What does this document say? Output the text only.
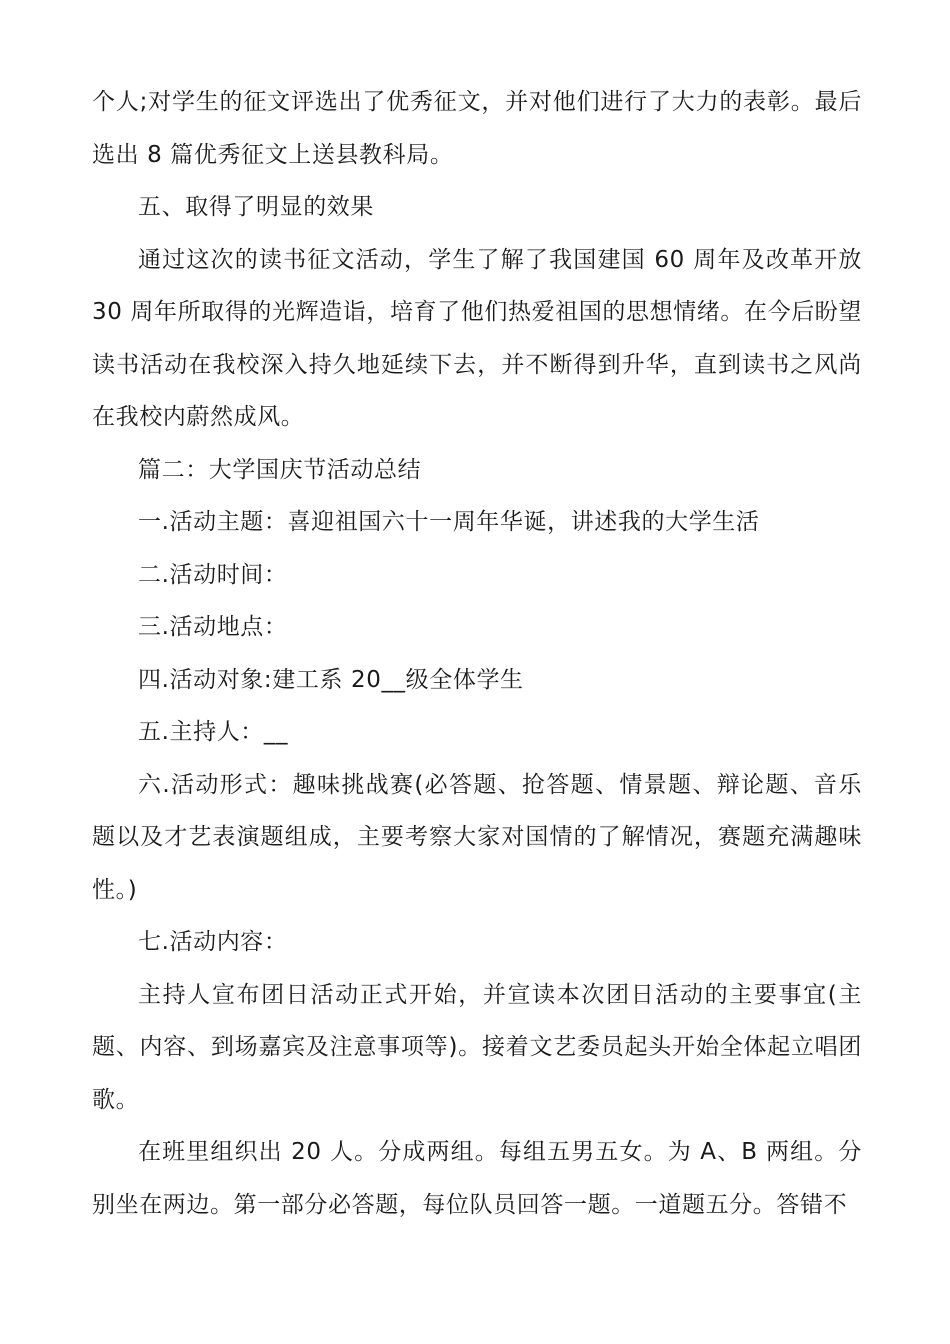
个人;对学生的征文评选出了优秀征文，并对他们进行了大力的表彰。最后选出 8 篇优秀征文上送县教科局。

五、取得了明显的效果

通过这次的读书征文活动，学生了解了我国建国 60 周年及改革开放 30 周年所取得的光辉造诣，培育了他们热爱祖国的思想情绪。在今后盼望读书活动在我校深入持久地延续下去，并不断得到升华，直到读书之风尚在我校内蔚然成风。

篇二：大学国庆节活动总结

一.活动主题：喜迎祖国六十一周年华诞，讲述我的大学生活

二.活动时间：

三.活动地点：

四.活动对象:建工系 20__级全体学生

五.主持人：__

六.活动形式：趣味挑战赛(必答题、抢答题、情景题、辩论题、音乐题以及才艺表演题组成，主要考察大家对国情的了解情况，赛题充满趣味性。)

七.活动内容：

主持人宣布团日活动正式开始，并宣读本次团日活动的主要事宜(主题、内容、到场嘉宾及注意事项等)。接着文艺委员起头开始全体起立唱团歌。

在班里组织出 20 人。分成两组。每组五男五女。为 A、B 两组。分别坐在两边。第一部分必答题，每位队员回答一题。一道题五分。答错不
